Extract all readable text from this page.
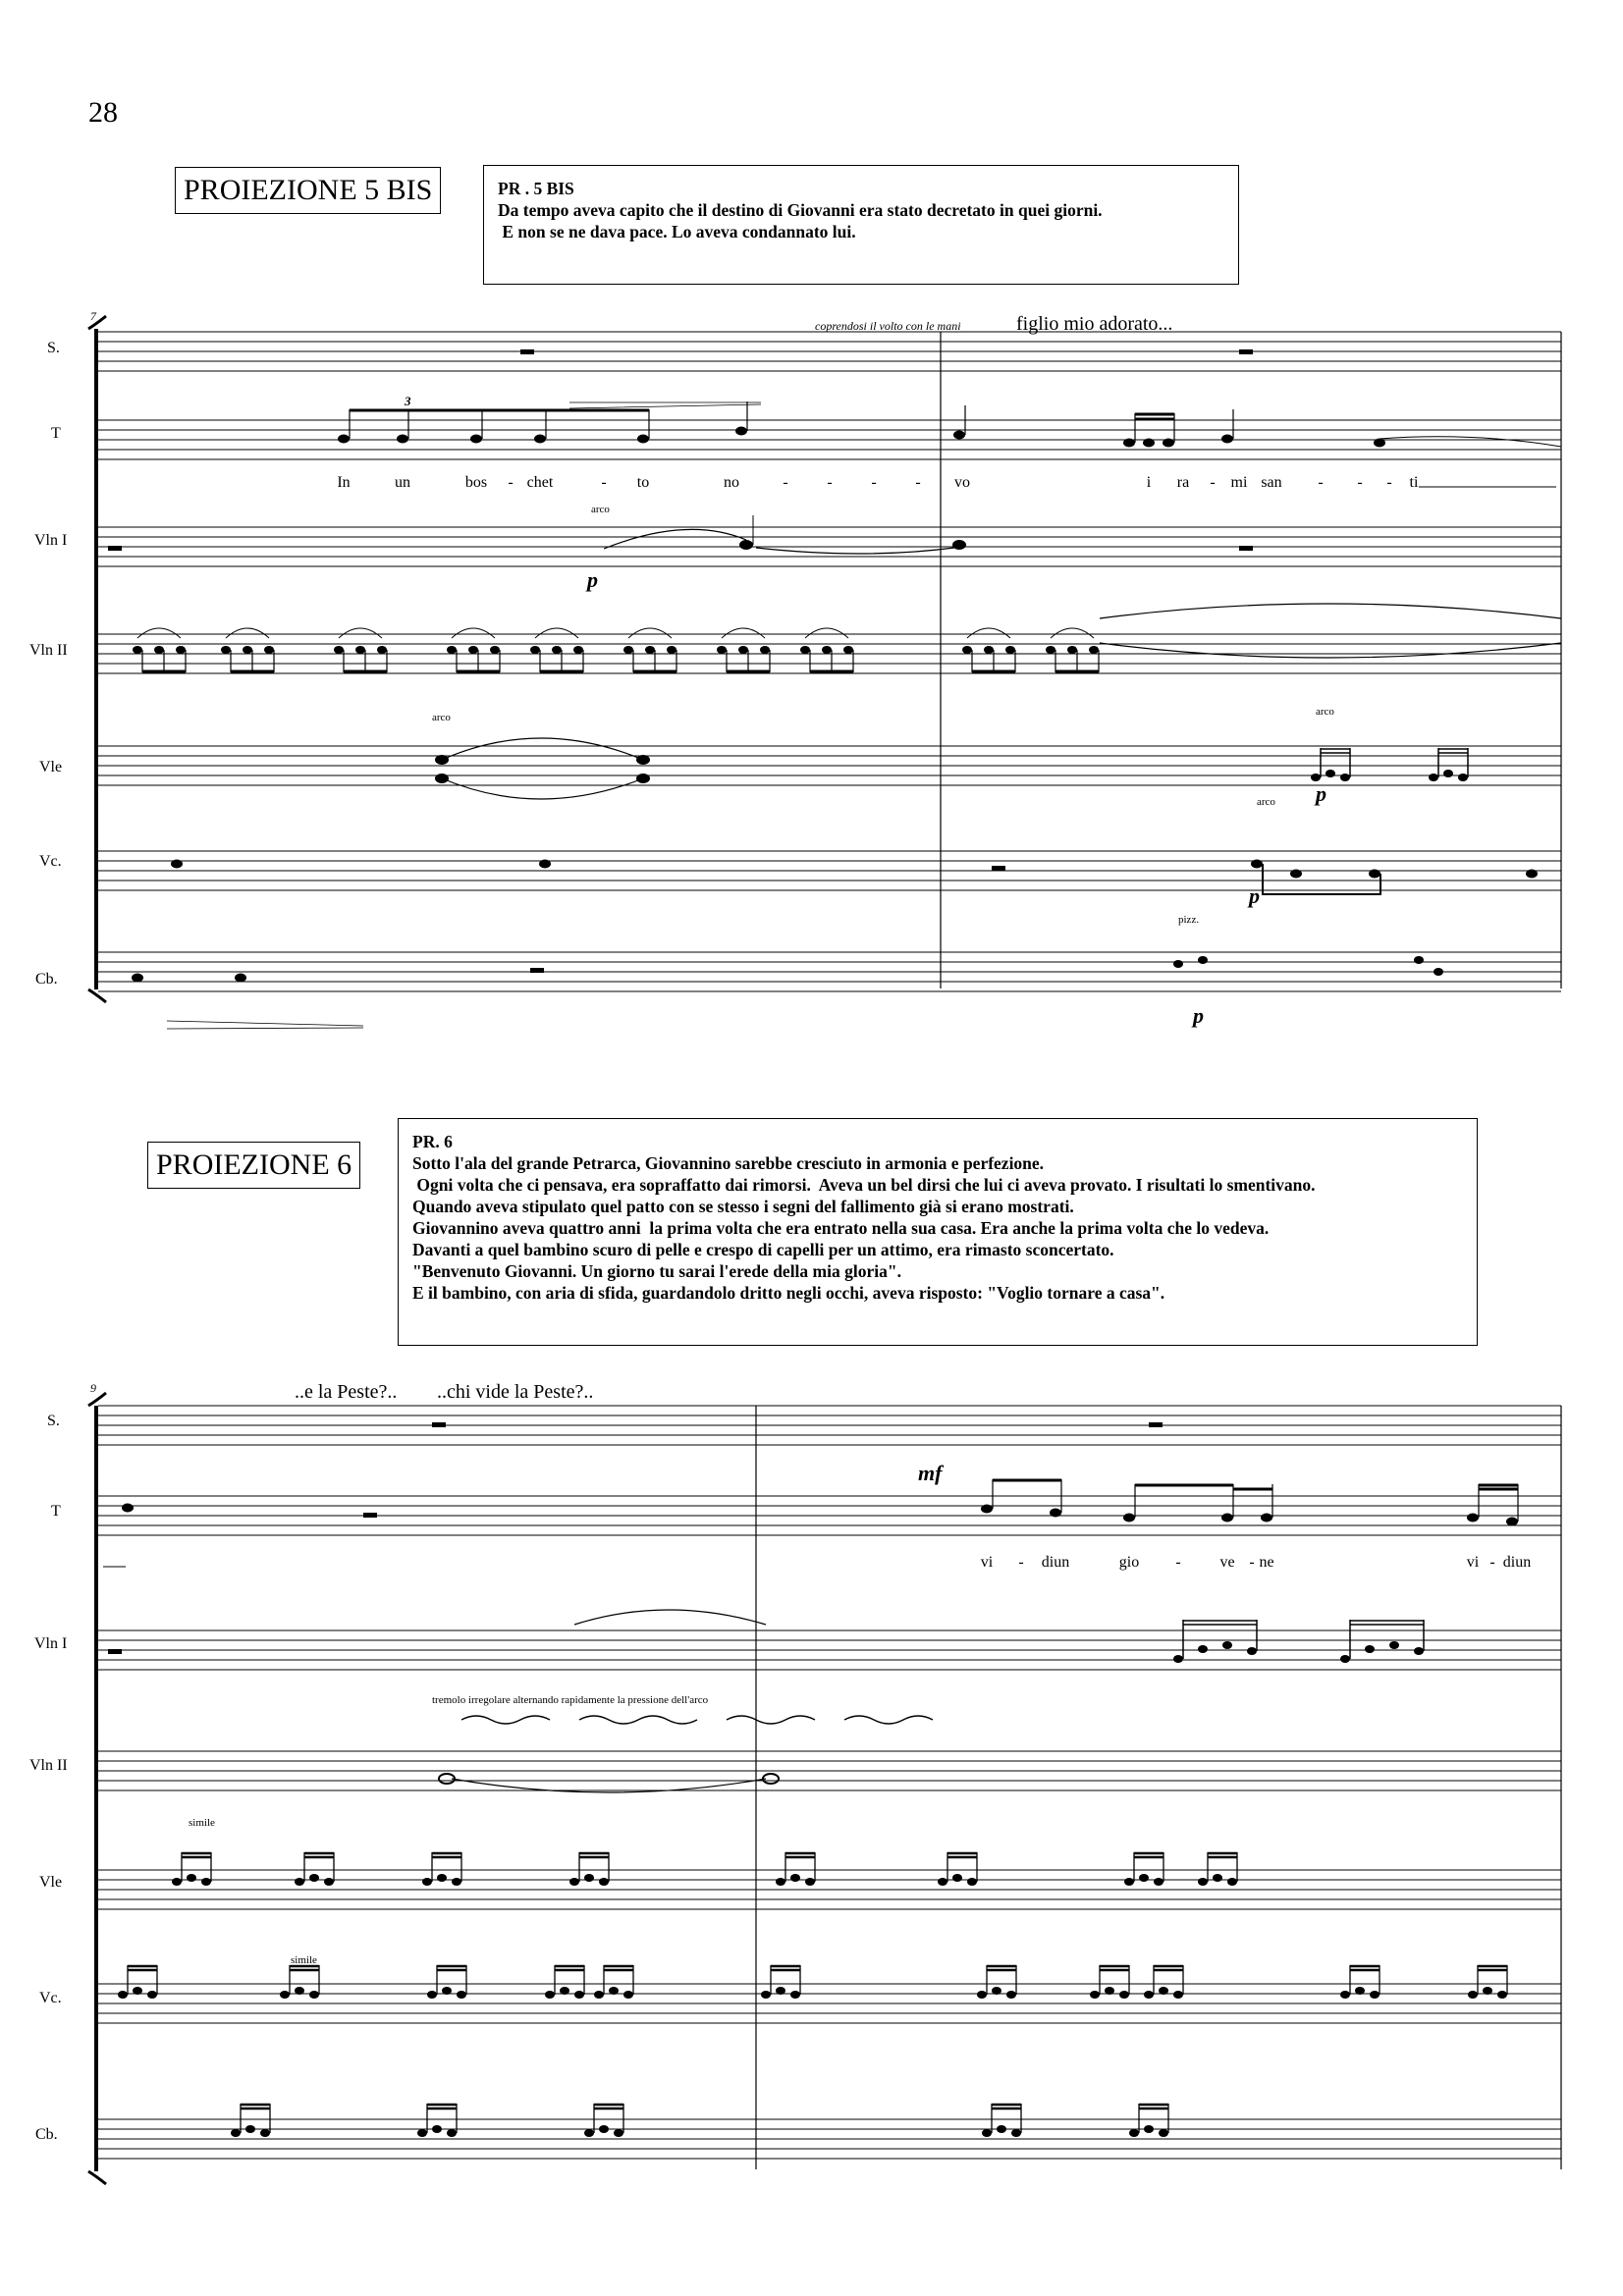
28
PROIEZIONE 5 BIS	PR . 5 BIS
Da tempo aveva capito che il destino di Giovanni era stato decretato in quei giorni.
E non se ne dava pace. Lo aveva condannato lui.
PROIEZIONE 6
PR. 6
Sotto l'ala del grande Petrarca, Giovannino sarebbe cresciuto in armonia e perfezione.
Ogni volta che ci pensava, era sopraffatto dai rimorsi.  Aveva un bel dirsi che lui ci aveva provato. I risultati lo smentivano.
Quando aveva stipulato quel patto con se stesso i segni del fallimento già si erano mostrati.
Giovannino aveva quattro anni  la prima volta che era entrato nella sua casa. Era anche la prima volta che lo vedeva.
Davanti a quel bambino scuro di pelle e crespo di capelli per un attimo, era rimasto sconcertato.
"Benvenuto Giovanni. Un giorno tu sarai l'erede della mia gloria".
E il bambino, con aria di sfida, guardandolo dritto negli occhi, aveva risposto: "Voglio tornare a casa".
7
S.
T
Vln I
Vln II
Vle
Vc.
Cb.
coprendosi il volto con le mani	figlio mio adorato...
3
In	un	bos - chet	- to	no	- - - - vo	i ra - mi san - - - ti
arco
p
arco	arco
p
arco
p
pizz.
p
9
S.
T
Vln I
Vln II
Vle
Vc.
Cb.
..e la Peste?.. ..chi vide la Peste?..
mf
vi - diun	gio - ve - ne	vi - diun
tremolo irregolare alternando rapidamente la pressione dell'arco
simile
simile
